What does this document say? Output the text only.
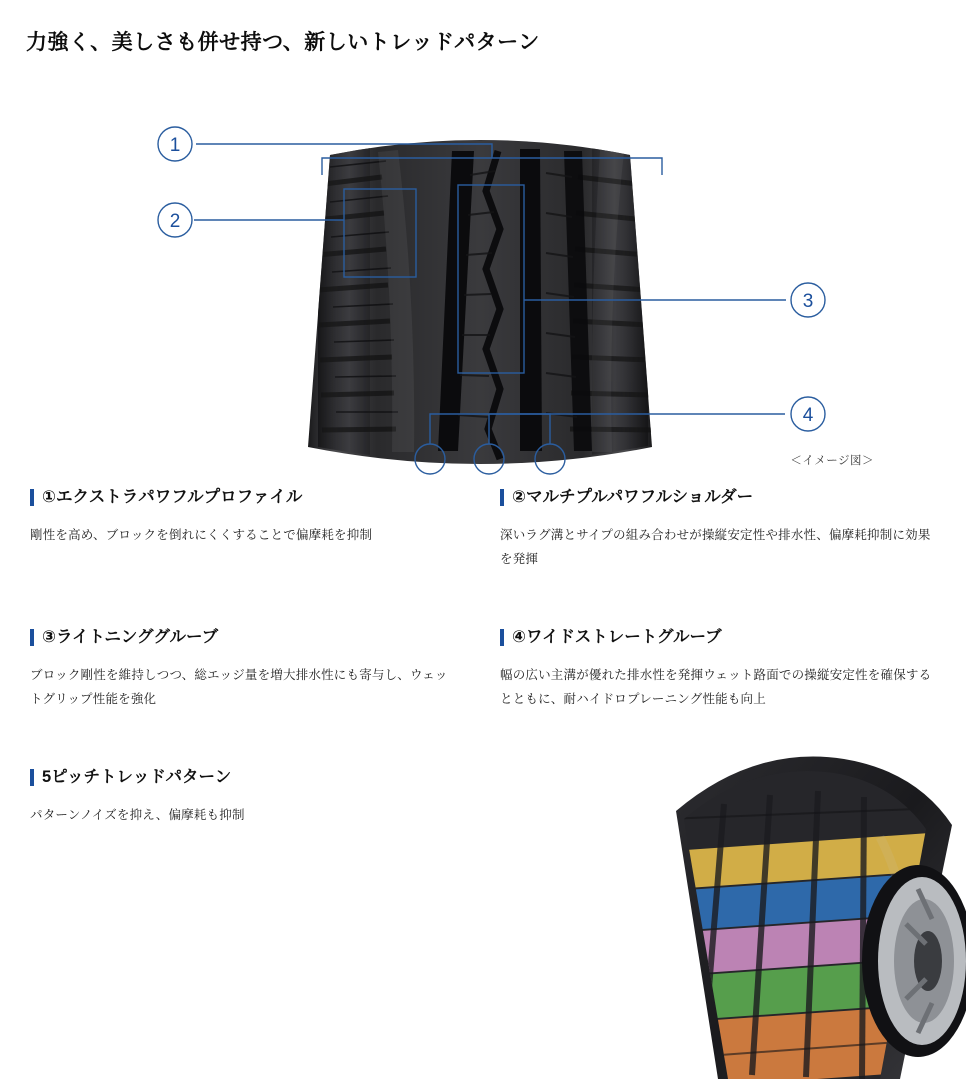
力強く、美しさも併せ持つ、新しいトレッドパターン
1
2
3
4
＜イメージ図＞
①エクストラパワフルプロファイル
剛性を高め、ブロックを倒れにくくすることで偏摩耗を抑制
②マルチプルパワフルショルダー
深いラグ溝とサイプの組み合わせが操縦安定性や排水性、偏摩耗抑制に効果を発揮
③ライトニンググルーブ
ブロック剛性を維持しつつ、総エッジ量を増大排水性にも寄与し、ウェットグリップ性能を強化
④ワイドストレートグルーブ
幅の広い主溝が優れた排水性を発揮ウェット路面での操縦安定性を確保するとともに、耐ハイドロプレーニング性能も向上
5ピッチトレッドパターン
パターンノイズを抑え、偏摩耗も抑制
